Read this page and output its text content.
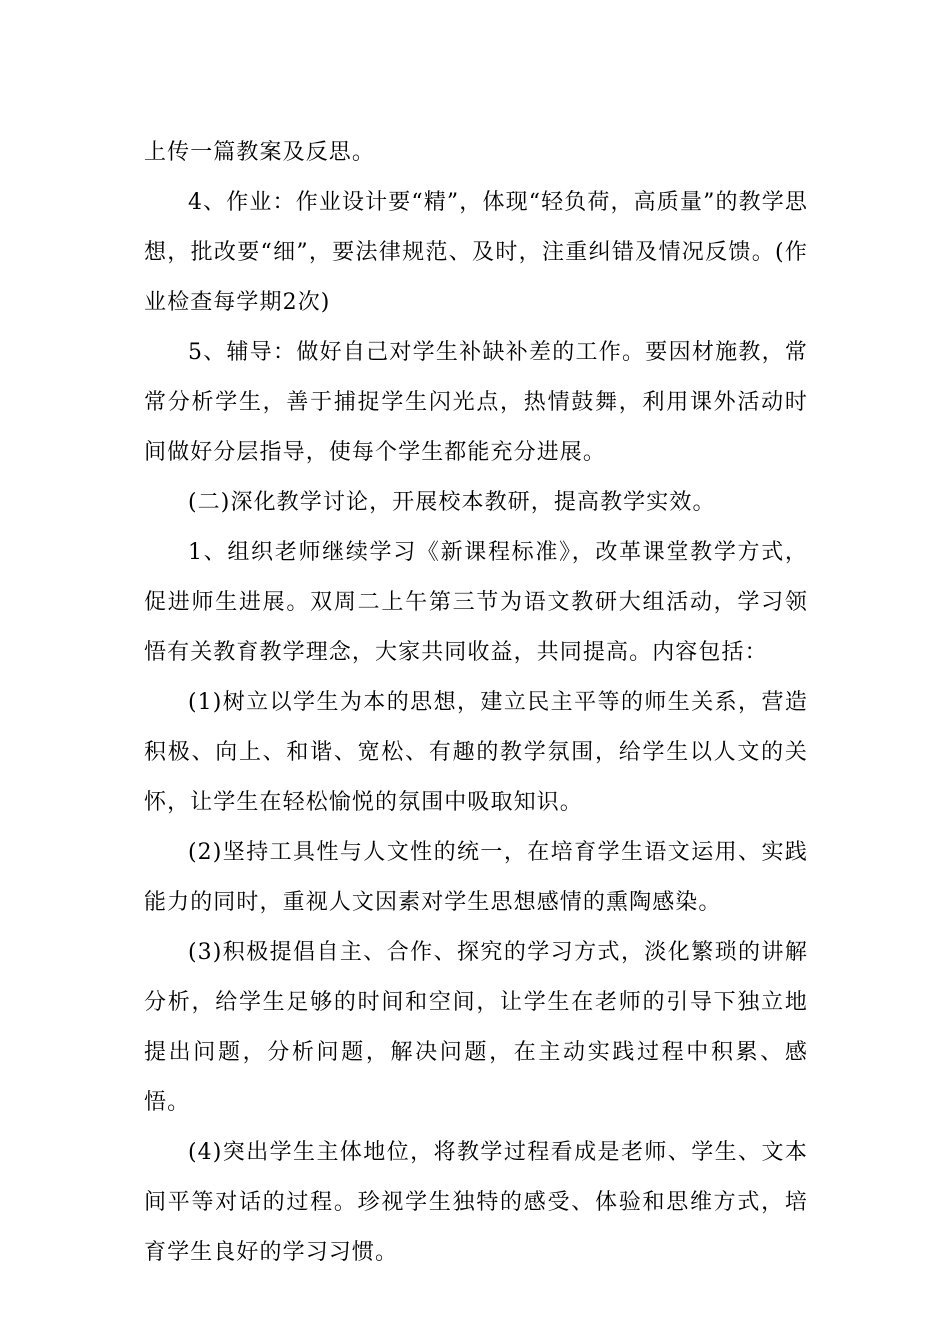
上传一篇教案及反思。

4、作业：作业设计要“精”，体现“轻负荷，高质量”的教学思想，批改要“细”，要法律规范、及时，注重纠错及情况反馈。(作业检查每学期2次)

5、辅导：做好自己对学生补缺补差的工作。要因材施教，常常分析学生，善于捕捉学生闪光点，热情鼓舞，利用课外活动时间做好分层指导，使每个学生都能充分进展。

(二)深化教学讨论，开展校本教研，提高教学实效。

1、组织老师继续学习《新课程标准》，改革课堂教学方式，促进师生进展。双周二上午第三节为语文教研大组活动，学习领悟有关教育教学理念，大家共同收益，共同提高。内容包括：

(1)树立以学生为本的思想，建立民主平等的师生关系，营造积极、向上、和谐、宽松、有趣的教学氛围，给学生以人文的关怀，让学生在轻松愉悦的氛围中吸取知识。

(2)坚持工具性与人文性的统一，在培育学生语文运用、实践能力的同时，重视人文因素对学生思想感情的熏陶感染。

(3)积极提倡自主、合作、探究的学习方式，淡化繁琐的讲解分析，给学生足够的时间和空间，让学生在老师的引导下独立地提出问题，分析问题，解决问题，在主动实践过程中积累、感悟。

(4)突出学生主体地位，将教学过程看成是老师、学生、文本间平等对话的过程。珍视学生独特的感受、体验和思维方式，培育学生良好的学习习惯。
